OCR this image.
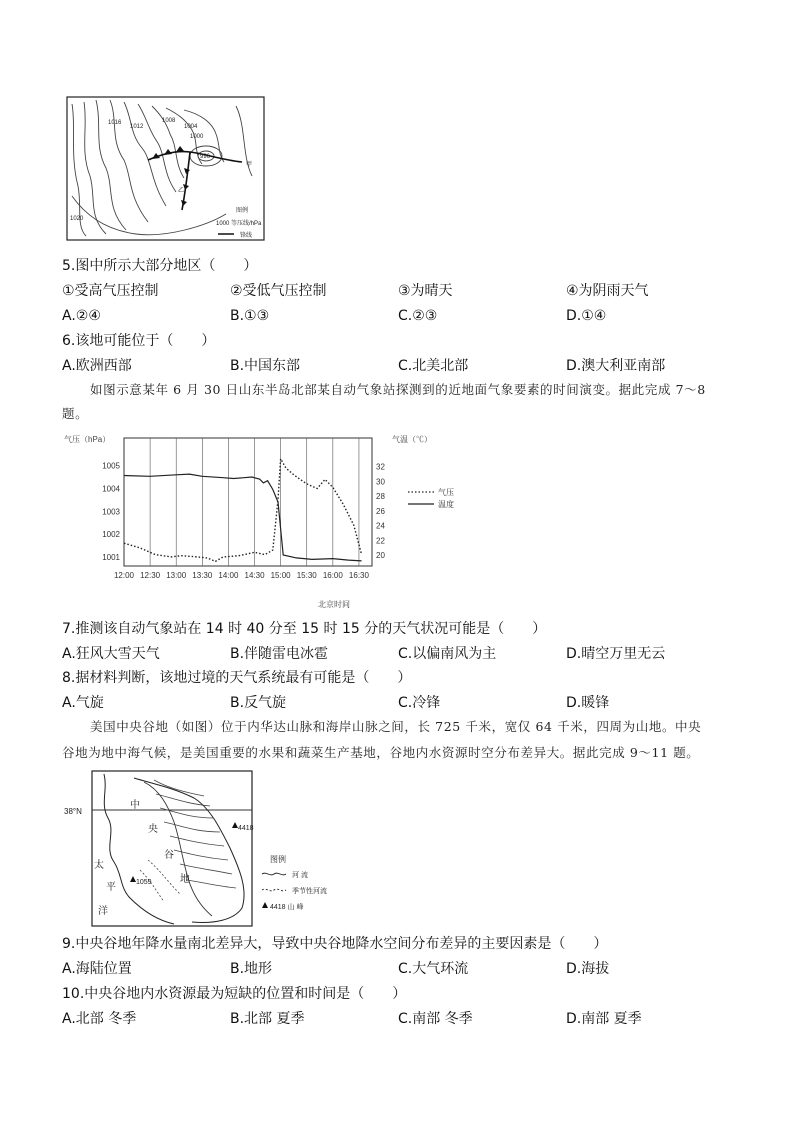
1016
1012
1008
1004
1000
996
1020
甲
乙
图例
1000 等压线/hPa
锋线
5.图中所示大部分地区（　　）
①受高气压控制	②受低气压控制	③为晴天	④为阴雨天气
A.②④	B.①③	C.②③	D.①④
6.该地可能位于（　　）
A.欧洲西部	B.中国东部	C.北美北部	D.澳大利亚南部
如图示意某年 6 月 30 日山东半岛北部某自动气象站探测到的近地面气象要素的时间演变。据此完成 7～8
题。
12:00 12:30 13:00 13:30 14:00 14:30 15:00 15:30 16:00 16:30
1005
1004
1003
1002
1001
32
30
28
26
24
22
20
气压（hPa）	气温（℃）
北京时间
气压
温度
7.推测该自动气象站在 14 时 40 分至 15 时 15 分的天气状况可能是（　　）
A.狂风大雪天气	B.伴随雷电冰雹	C.以偏南风为主	D.晴空万里无云
8.据材料判断，该地过境的天气系统最有可能是（　　）
A.气旋	B.反气旋	C.冷锋	D.暖锋
美国中央谷地（如图）位于内华达山脉和海岸山脉之间，长 725 千米，宽仅 64 千米，四周为山地。中央
谷地为地中海气候，是美国重要的水果和蔬菜生产基地，谷地内水资源时空分布差异大。据此完成 9～11 题。
38°N
中
央
谷
地
太
平
洋
4418
1059
图例
河 流
季节性河流
4418 山 峰
9.中央谷地年降水量南北差异大，导致中央谷地降水空间分布差异的主要因素是（　　）
A.海陆位置	B.地形	C.大气环流	D.海拔
10.中央谷地内水资源最为短缺的位置和时间是（　　）
A.北部 冬季	B.北部 夏季	C.南部 冬季	D.南部 夏季
